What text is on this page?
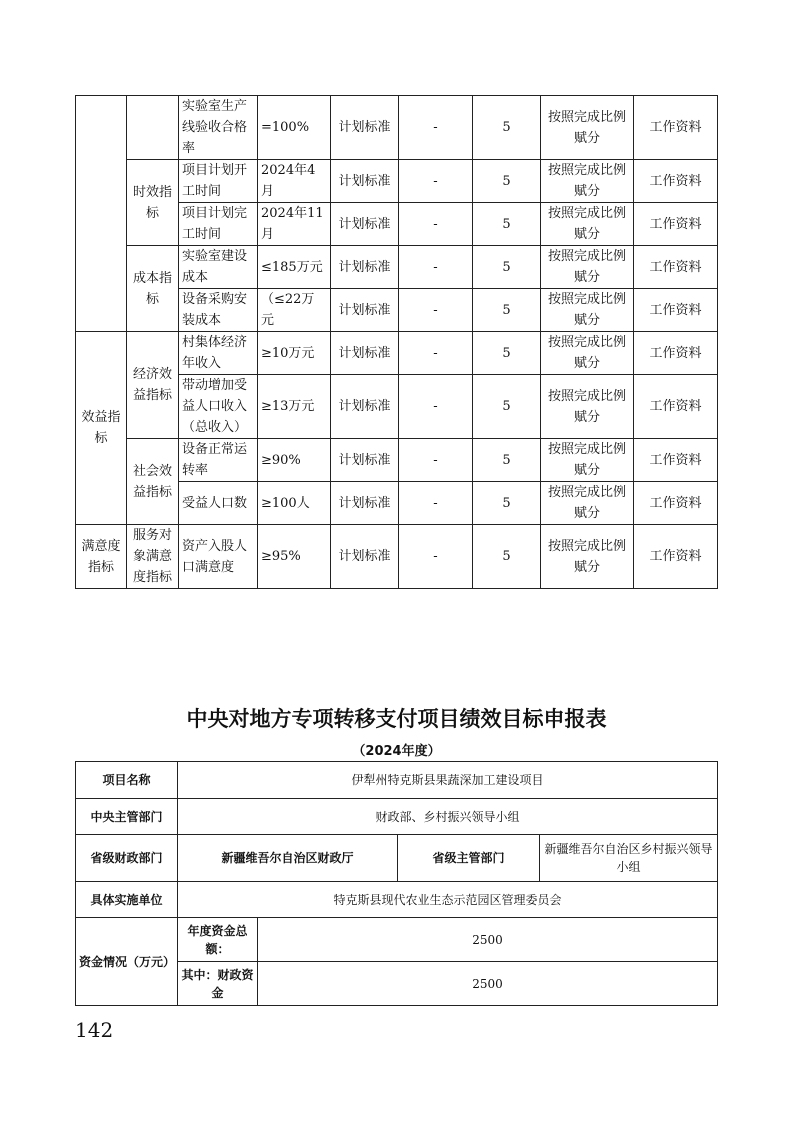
		实验室生产线验收合格率	=100%	计划标准	-	5	按照完成比例赋分	工作资料
	时效指标	项目计划开工时间	2024年4月	计划标准	-	5	按照完成比例赋分	工作资料
		项目计划完工时间	2024年11月	计划标准	-	5	按照完成比例赋分	工作资料
	成本指标	实验室建设成本	≤185万元	计划标准	-	5	按照完成比例赋分	工作资料
		设备采购安装成本	（≤22万元	计划标准	-	5	按照完成比例赋分	工作资料
效益指标	经济效益指标	村集体经济年收入	≥10万元	计划标准	-	5	按照完成比例赋分	工作资料
		带动增加受益人口收入（总收入）	≥13万元	计划标准	-	5	按照完成比例赋分	工作资料
	社会效益指标	设备正常运转率	≥90%	计划标准	-	5	按照完成比例赋分	工作资料
		受益人口数	≥100人	计划标准	-	5	按照完成比例赋分	工作资料
满意度指标	服务对象满意度指标	资产入股人口满意度	≥95%	计划标准	-	5	按照完成比例赋分	工作资料
中央对地方专项转移支付项目绩效目标申报表
（2024年度）
项目名称	伊犁州特克斯县果蔬深加工建设项目			
中央主管部门	财政部、乡村振兴领导小组			
省级财政部门	新疆维吾尔自治区财政厅		省级主管部门	新疆维吾尔自治区乡村振兴领导小组
具体实施单位	特克斯县现代农业生态示范园区管理委员会			
资金情况（万元）	年度资金总额：	2500		
	其中：财政资金	2500		
142
